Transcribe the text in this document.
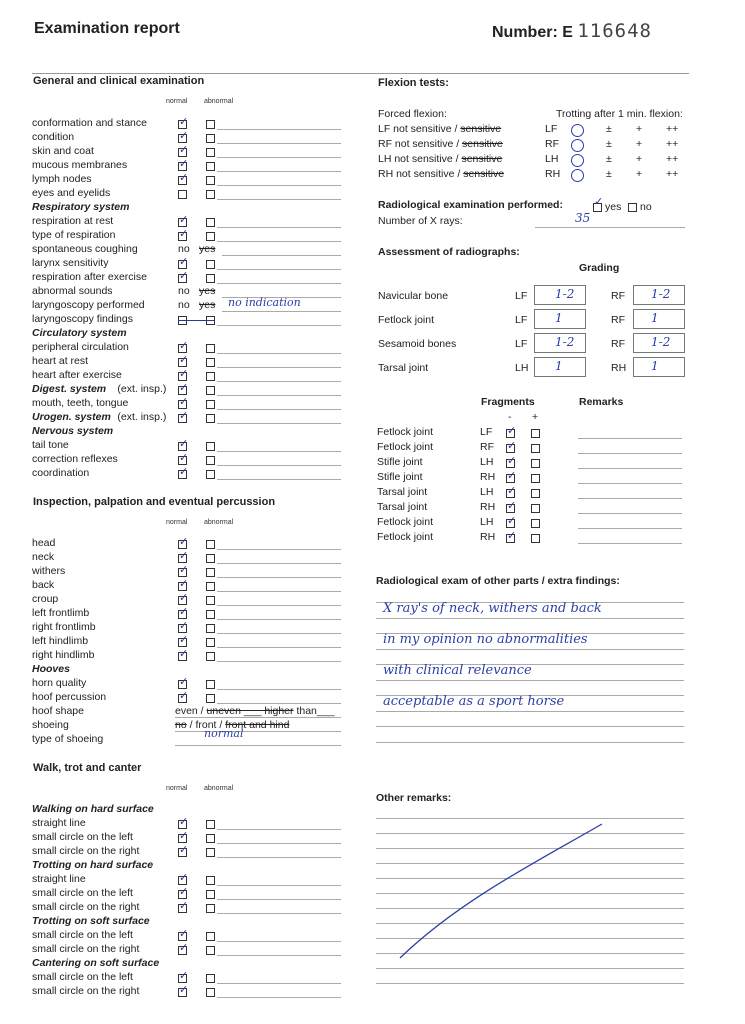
Examination report	Number: E 116648
General and clinical examination
normal abnormal
conformation and stance	✓
condition	✓
skin and coat	✓
mucous membranes	✓
lymph nodes	✓
eyes and eyelids
Respiratory system
respiration at rest	✓
type of respiration	✓
spontaneous coughing	no yes
larynx sensitivity	✓
respiration after exercise	✓
abnormal sounds	no yes
laryngoscopy performed	no yes no indication
laryngoscopy findings
Circulatory system
peripheral circulation	✓
heart at rest	✓
heart after exercise	✓
Digest. system (ext. insp.) ✓
mouth, teeth, tongue	✓
Urogen. system (ext. insp.) ✓
Nervous system
tail tone	✓
correction reflexes	✓
coordination	✓
Inspection, palpation and eventual percussion
normal abnormal
head	✓
neck	✓
withers	✓
back	✓
croup	✓
left frontlimb	✓
right frontlimb	✓
left hindlimb	✓
right hindlimb	✓
Hooves
horn quality	✓
hoof percussion	✓
hoof shape	even / uneven ___ higher than___
shoeing	no / front / front and hind
type of shoeing	normal
Walk, trot and canter
normal abnormal
Walking on hard surface
straight line	✓
small circle on the left	✓
small circle on the right	✓
Trotting on hard surface
straight line	✓
small circle on the left	✓
small circle on the right	✓
Trotting on soft surface
small circle on the left	✓
small circle on the right	✓
Cantering on soft surface
small circle on the left	✓
small circle on the right	✓
Flexion tests:
Forced flexion:	Trotting after 1 min. flexion:
LF not sensitive / sensitive	LF ○ ± + ++
RF not sensitive / sensitive	RF ○ ± + ++
LH not sensitive / sensitive	LH ○ ± + ++
RH not sensitive / sensitive	RH ○ ± + ++
Radiological examination performed:	✓ yes no
Number of X rays:	35
Assessment of radiographs:
Grading
Navicular bone	LF 1-2	RF 1-2
Fetlock joint	LF 1	RF 1
Sesamoid bones	LF 1-2	RF 1-2
Tarsal joint	LH 1	RH 1
Fragments	Remarks
- +
Fetlock joint	LF ✓
Fetlock joint	RF ✓
Stifle joint	LH ✓
Stifle joint	RH ✓
Tarsal joint	LH ✓
Tarsal joint	RH ✓
Fetlock joint	LH ✓
Fetlock joint	RH ✓
Radiological exam of other parts / extra findings:
X ray's of neck, withers and back
in my opinion no abnormalities
with clinical relevance
acceptable as a sport horse
Other remarks:
